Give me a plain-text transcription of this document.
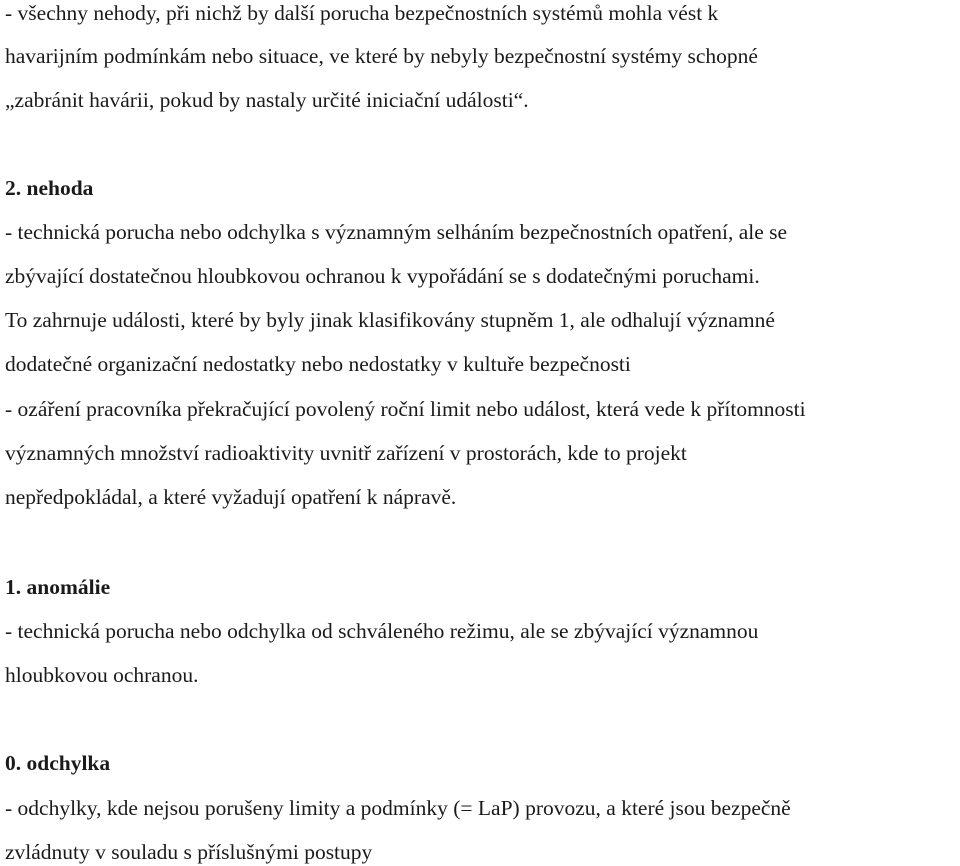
- všechny nehody, při nichž by další porucha bezpečnostních systémů mohla vést k
havarijním podmínkám nebo situace, ve které by nebyly bezpečnostní systémy schopné
„zabránit havárii, pokud by nastaly určité iniciační události“.
2. nehoda
- technická porucha nebo odchylka s významným selháním bezpečnostních opatření, ale se
zbývající dostatečnou hloubkovou ochranou k vypořádání se s dodatečnými poruchami.
To zahrnuje události, které by byly jinak klasifikovány stupněm 1, ale odhalují významné
dodatečné organizační nedostatky nebo nedostatky v kultuře bezpečnosti
- ozáření pracovníka překračující povolený roční limit nebo událost, která vede k přítomnosti
významných množství radioaktivity uvnitř zařízení v prostorách, kde to projekt
nepředpokládal, a které vyžadují opatření k nápravě.
1. anomálie
- technická porucha nebo odchylka od schváleného režimu, ale se zbývající významnou
hloubkovou ochranou.
0. odchylka
- odchylky, kde nejsou porušeny limity a podmínky (= LaP) provozu, a které jsou bezpečně
zvládnuty v souladu s příslušnými postupy
